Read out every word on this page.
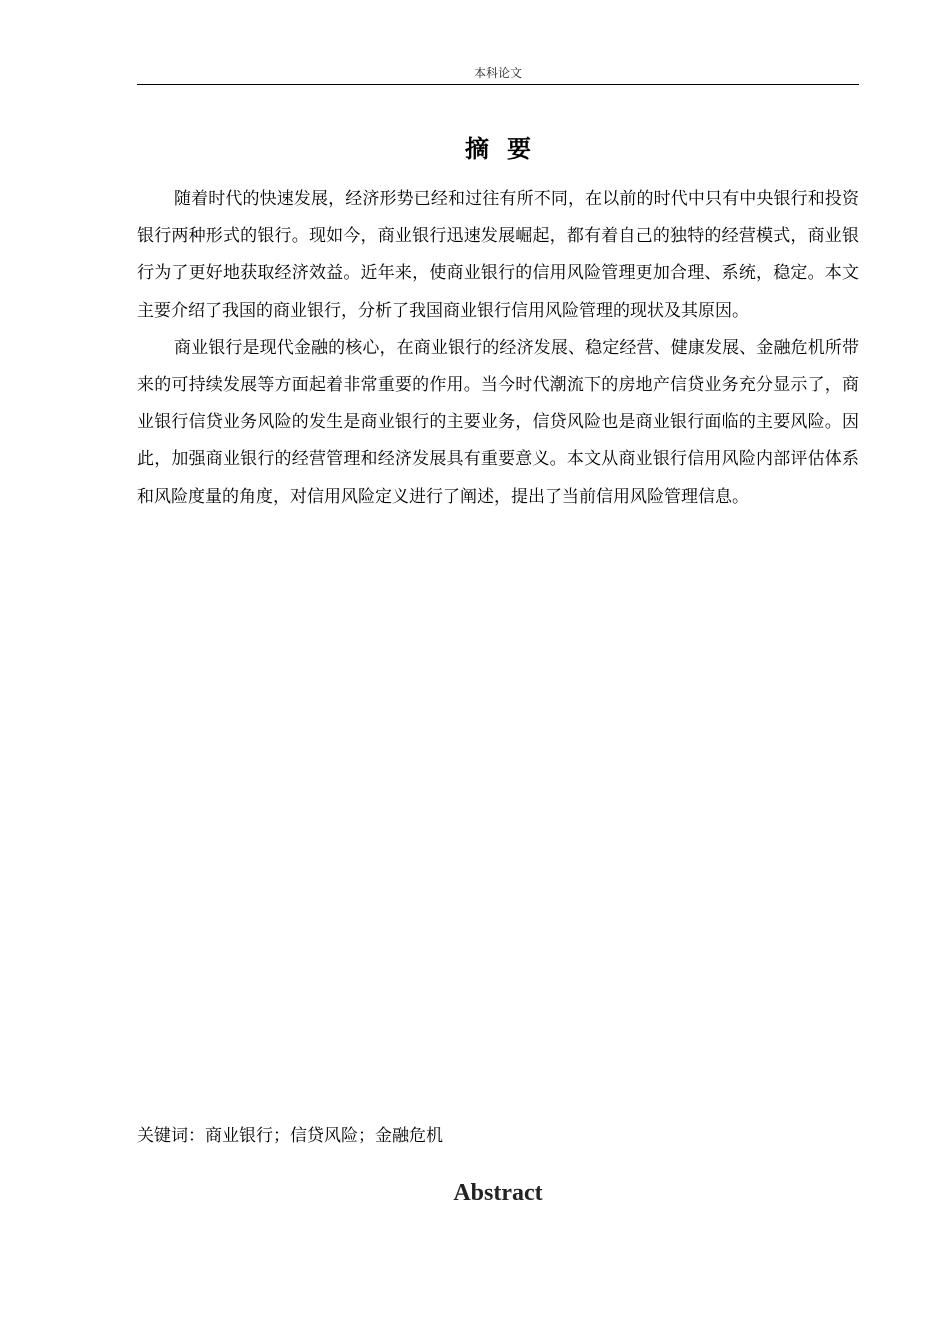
本科论文
摘要

随着时代的快速发展，经济形势已经和过往有所不同，在以前的时代中只有中央银行和投资银行两种形式的银行。现如今，商业银行迅速发展崛起，都有着自己的独特的经营模式，商业银行为了更好地获取经济效益。近年来，使商业银行的信用风险管理更加合理、系统，稳定。本文主要介绍了我国的商业银行，分析了我国商业银行信用风险管理的现状及其原因。

商业银行是现代金融的核心，在商业银行的经济发展、稳定经营、健康发展、金融危机所带来的可持续发展等方面起着非常重要的作用。当今时代潮流下的房地产信贷业务充分显示了，商业银行信贷业务风险的发生是商业银行的主要业务，信贷风险也是商业银行面临的主要风险。因此，加强商业银行的经营管理和经济发展具有重要意义。本文从商业银行信用风险内部评估体系和风险度量的角度，对信用风险定义进行了阐述，提出了当前信用风险管理信息。

关键词：商业银行；信贷风险；金融危机
Abstract
